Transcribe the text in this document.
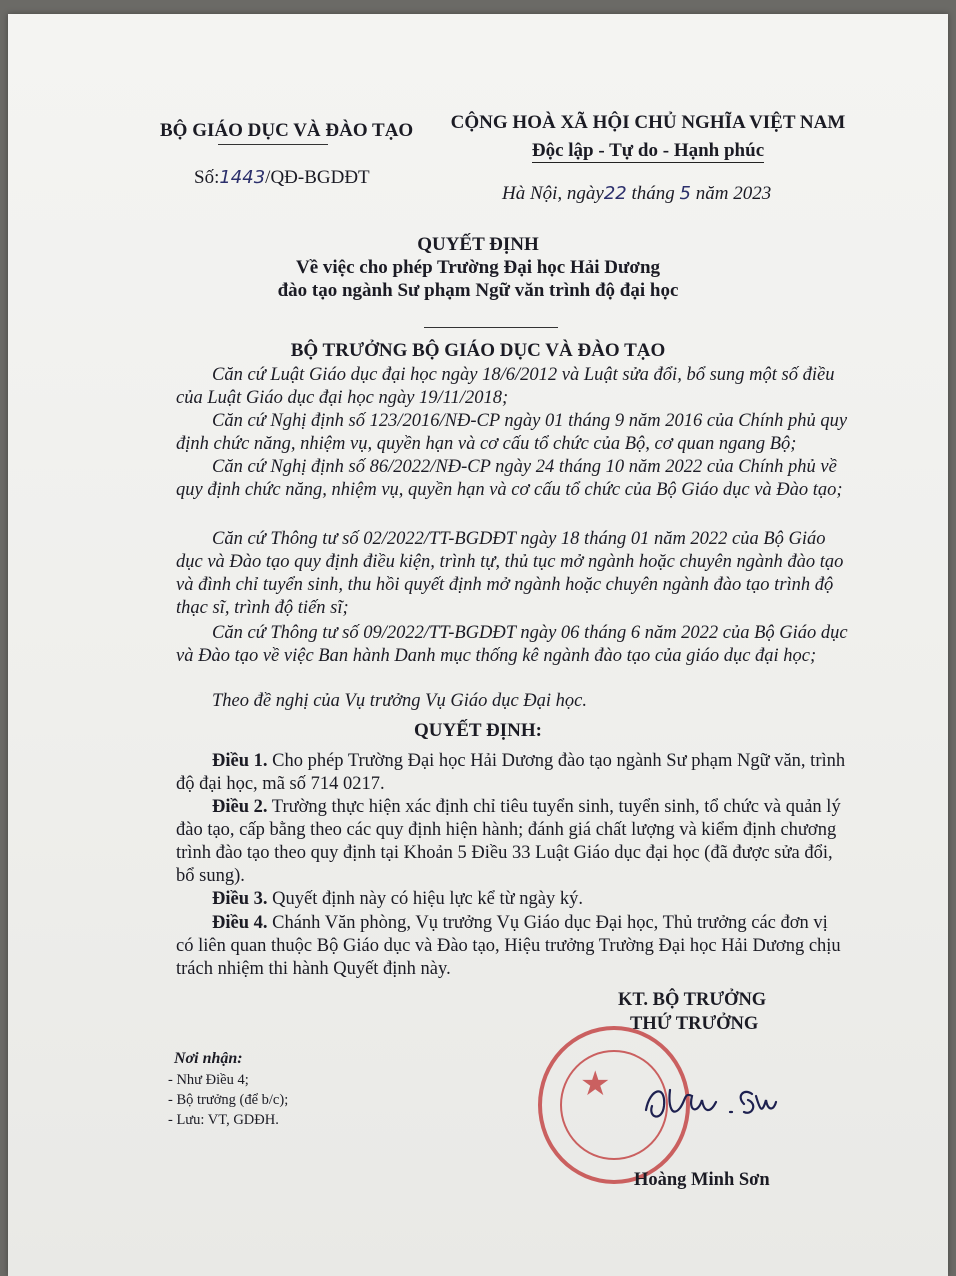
BỘ GIÁO DỤC VÀ ĐÀO TẠO
Số:1443/QĐ-BGDĐT
CỘNG HOÀ XÃ HỘI CHỦ NGHĨA VIỆT NAM
Độc lập - Tự do - Hạnh phúc
Hà Nội, ngày22 tháng 5 năm 2023
QUYẾT ĐỊNH
Về việc cho phép Trường Đại học Hải Dương
đào tạo ngành Sư phạm Ngữ văn trình độ đại học
BỘ TRƯỞNG BỘ GIÁO DỤC VÀ ĐÀO TẠO
Căn cứ Luật Giáo dục đại học ngày 18/6/2012 và Luật sửa đổi, bổ sung một số điều của Luật Giáo dục đại học ngày 19/11/2018;
Căn cứ Nghị định số 123/2016/NĐ-CP ngày 01 tháng 9 năm 2016 của Chính phủ quy định chức năng, nhiệm vụ, quyền hạn và cơ cấu tổ chức của Bộ, cơ quan ngang Bộ;
Căn cứ Nghị định số 86/2022/NĐ-CP ngày 24 tháng 10 năm 2022 của Chính phủ về quy định chức năng, nhiệm vụ, quyền hạn và cơ cấu tổ chức của Bộ Giáo dục và Đào tạo;
Căn cứ Thông tư số 02/2022/TT-BGDĐT ngày 18 tháng 01 năm 2022 của Bộ Giáo dục và Đào tạo quy định điều kiện, trình tự, thủ tục mở ngành hoặc chuyên ngành đào tạo và đình chỉ tuyển sinh, thu hồi quyết định mở ngành hoặc chuyên ngành đào tạo trình độ thạc sĩ, trình độ tiến sĩ;
Căn cứ Thông tư số 09/2022/TT-BGDĐT ngày 06 tháng 6 năm 2022 của Bộ Giáo dục và Đào tạo về việc Ban hành Danh mục thống kê ngành đào tạo của giáo dục đại học;
Theo đề nghị của Vụ trưởng Vụ Giáo dục Đại học.
QUYẾT ĐỊNH:
Điều 1. Cho phép Trường Đại học Hải Dương đào tạo ngành Sư phạm Ngữ văn, trình độ đại học, mã số 714 0217.
Điều 2. Trường thực hiện xác định chỉ tiêu tuyển sinh, tuyển sinh, tổ chức và quản lý đào tạo, cấp bằng theo các quy định hiện hành; đánh giá chất lượng và kiểm định chương trình đào tạo theo quy định tại Khoản 5 Điều 33 Luật Giáo dục đại học (đã được sửa đổi, bổ sung).
Điều 3. Quyết định này có hiệu lực kể từ ngày ký.
Điều 4. Chánh Văn phòng, Vụ trưởng Vụ Giáo dục Đại học, Thủ trưởng các đơn vị có liên quan thuộc Bộ Giáo dục và Đào tạo, Hiệu trưởng Trường Đại học Hải Dương chịu trách nhiệm thi hành Quyết định này.
Nơi nhận:
- Như Điều 4;
- Bộ trưởng (để b/c);
- Lưu: VT, GDĐH.
★
KT. BỘ TRƯỞNG
THỨ TRƯỞNG
Hoàng Minh Sơn
